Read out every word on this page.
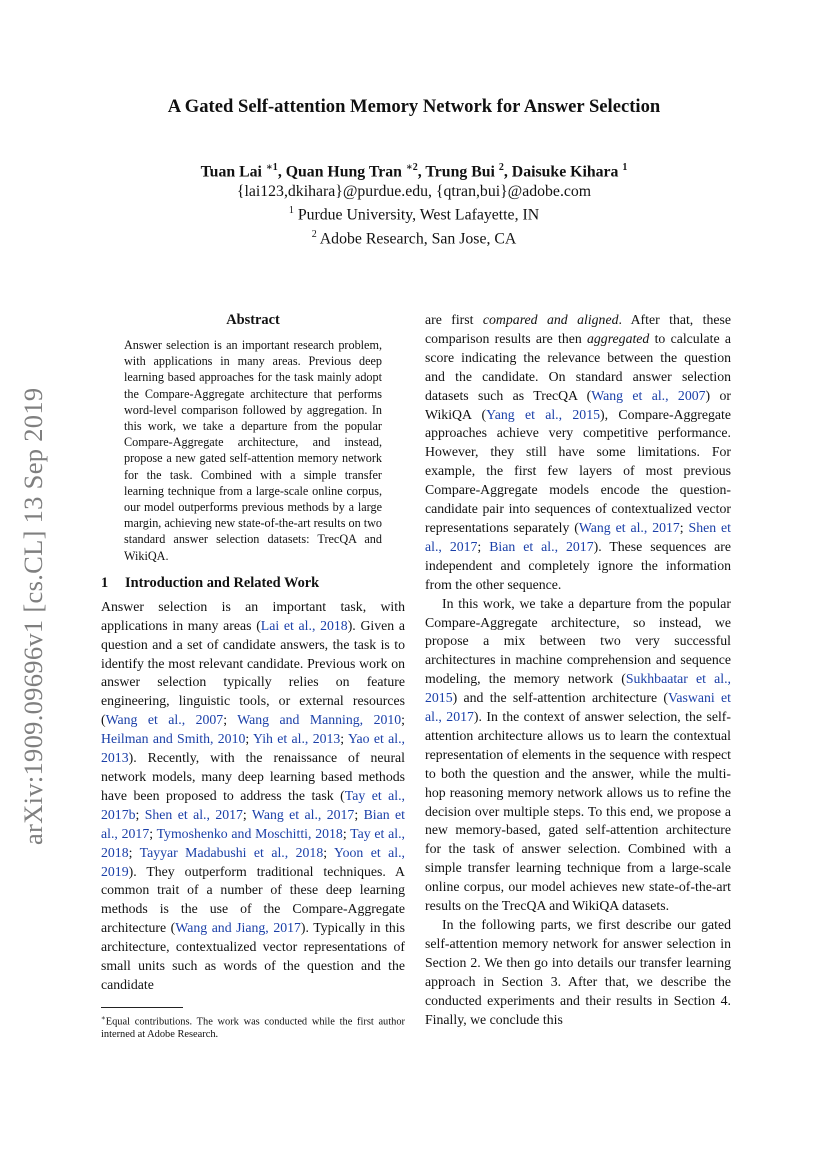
arXiv:1909.09696v1 [cs.CL] 13 Sep 2019
A Gated Self-attention Memory Network for Answer Selection
Tuan Lai $^{∗1}$, Quan Hung Tran $^{∗2}$, Trung Bui $^2$, Daisuke Kihara $^1$
{lai123,dkihara}@purdue.edu, {qtran,bui}@adobe.com
$^1$ Purdue University, West Lafayette, IN
$^2$ Adobe Research, San Jose, CA
Abstract
Answer selection is an important research problem, with applications in many areas. Previous deep learning based approaches for the task mainly adopt the Compare-Aggregate architecture that performs word-level comparison followed by aggregation. In this work, we take a departure from the popular Compare-Aggregate architecture, and instead, propose a new gated self-attention memory network for the task. Combined with a simple transfer learning technique from a large-scale online corpus, our model outperforms previous methods by a large margin, achieving new state-of-the-art results on two standard answer selection datasets: TrecQA and WikiQA.
1 Introduction and Related Work

Answer selection is an important task, with applications in many areas (Lai et al., 2018). Given a question and a set of candidate answers, the task is to identify the most relevant candidate. Previous work on answer selection typically relies on feature engineering, linguistic tools, or external resources (Wang et al., 2007; Wang and Manning, 2010; Heilman and Smith, 2010; Yih et al., 2013; Yao et al., 2013). Recently, with the renaissance of neural network models, many deep learning based methods have been proposed to address the task (Tay et al., 2017b; Shen et al., 2017; Wang et al., 2017; Bian et al., 2017; Tymoshenko and Moschitti, 2018; Tay et al., 2018; Tayyar Madabushi et al., 2018; Yoon et al., 2019). They outperform traditional techniques. A common trait of a number of these deep learning methods is the use of the Compare-Aggregate architecture (Wang and Jiang, 2017). Typically in this architecture, contextualized vector representations of small units such as words of the question and the candidate

∗Equal contributions. The work was conducted while the first author interned at Adobe Research.

are first compared and aligned. After that, these comparison results are then aggregated to calculate a score indicating the relevance between the question and the candidate. On standard answer selection datasets such as TrecQA (Wang et al., 2007) or WikiQA (Yang et al., 2015), Compare-Aggregate approaches achieve very competitive performance. However, they still have some limitations. For example, the first few layers of most previous Compare-Aggregate models encode the question-candidate pair into sequences of contextualized vector representations separately (Wang et al., 2017; Shen et al., 2017; Bian et al., 2017). These sequences are independent and completely ignore the information from the other sequence.

In this work, we take a departure from the popular Compare-Aggregate architecture, so instead, we propose a mix between two very successful architectures in machine comprehension and sequence modeling, the memory network (Sukhbaatar et al., 2015) and the self-attention architecture (Vaswani et al., 2017). In the context of answer selection, the self-attention architecture allows us to learn the contextual representation of elements in the sequence with respect to both the question and the answer, while the multi-hop reasoning memory network allows us to refine the decision over multiple steps. To this end, we propose a new memory-based, gated self-attention architecture for the task of answer selection. Combined with a simple transfer learning technique from a large-scale online corpus, our model achieves new state-of-the-art results on the TrecQA and WikiQA datasets.

In the following parts, we first describe our gated self-attention memory network for answer selection in Section 2. We then go into details our transfer learning approach in Section 3. After that, we describe the conducted experiments and their results in Section 4. Finally, we conclude this
